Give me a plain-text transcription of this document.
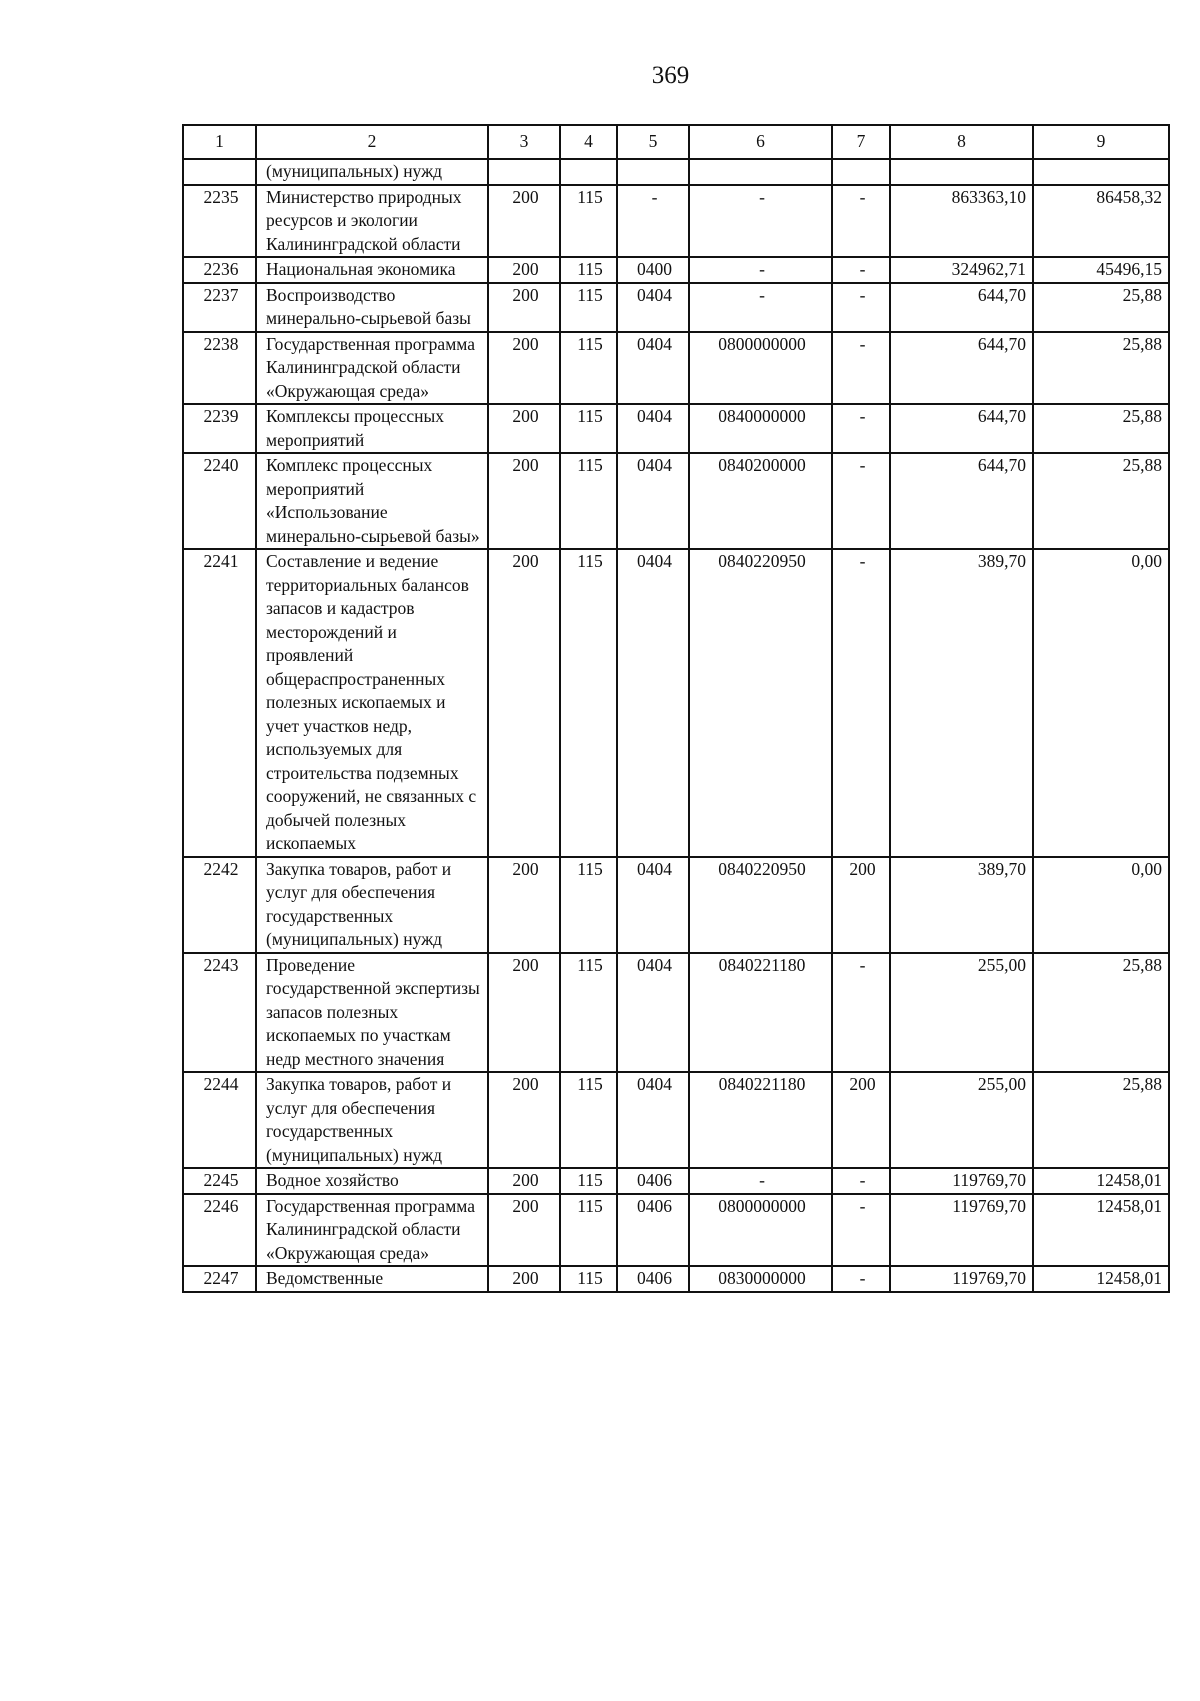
369
1	2	3	4	5	6	7	8	9
	(муниципальных) нужд							
2235	Министерство природных ресурсов и экологии Калининградской области	200	115	-	-	-	863363,10	86458,32
2236	Национальная экономика	200	115	0400	-	-	324962,71	45496,15
2237	Воспроизводство минерально-сырьевой базы	200	115	0404	-	-	644,70	25,88
2238	Государственная программа Калининградской области «Окружающая среда»	200	115	0404	0800000000	-	644,70	25,88
2239	Комплексы процессных мероприятий	200	115	0404	0840000000	-	644,70	25,88
2240	Комплекс процессных мероприятий «Использование минерально-сырьевой базы»	200	115	0404	0840200000	-	644,70	25,88
2241	Составление и ведение территориальных балансов запасов и кадастров месторождений и проявлений общераспространенных полезных ископаемых и учет участков недр, используемых для строительства подземных сооружений, не связанных с добычей полезных ископаемых	200	115	0404	0840220950	-	389,70	0,00
2242	Закупка товаров, работ и услуг для обеспечения государственных (муниципальных) нужд	200	115	0404	0840220950	200	389,70	0,00
2243	Проведение государственной экспертизы запасов полезных ископаемых по участкам недр местного значения	200	115	0404	0840221180	-	255,00	25,88
2244	Закупка товаров, работ и услуг для обеспечения государственных (муниципальных) нужд	200	115	0404	0840221180	200	255,00	25,88
2245	Водное хозяйство	200	115	0406	-	-	119769,70	12458,01
2246	Государственная программа Калининградской области «Окружающая среда»	200	115	0406	0800000000	-	119769,70	12458,01
2247	Ведомственные	200	115	0406	0830000000	-	119769,70	12458,01
